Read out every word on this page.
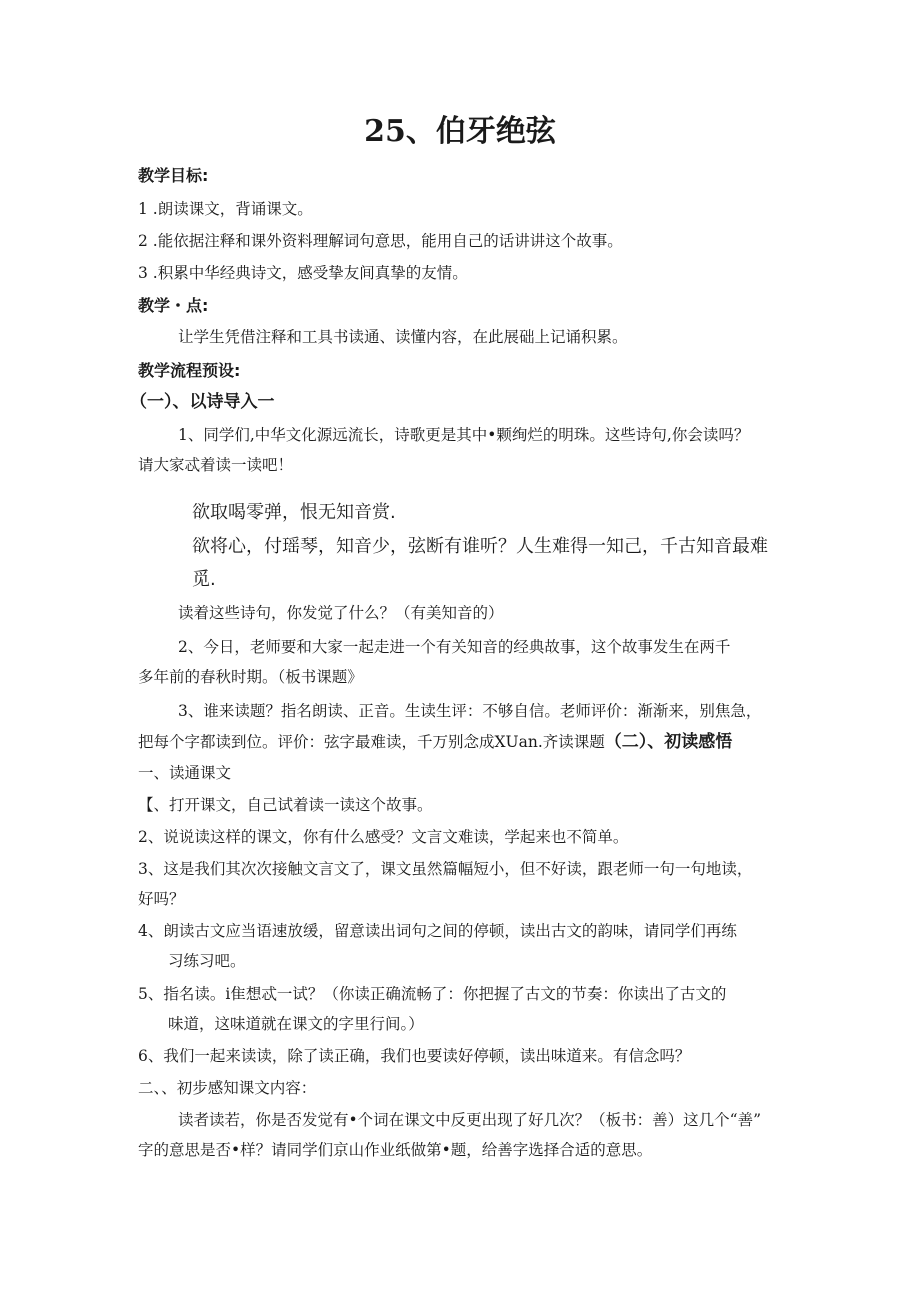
25、伯牙绝弦
教学目标:
1 .朗读课文，背诵课文。
2 .能依据注释和课外资料理解词句意思，能用自己的话讲讲这个故事。
3 .积累中华经典诗文，感受挚友间真挚的友情。
教学・点:
让学生凭借注释和工具书读通、读懂内容，在此展础上记诵积累。
教学流程预设:
（一）、以诗导入一
1、同学们,中华文化源远流长，诗歌更是其中•颗绚烂的明珠。这些诗句,你会读吗？
请大家忒着读一读吧！
欲取喝零弹，恨无知音赏.
欲将心，付瑶琴，知音少，弦断有谁听？人生难得一知己，千古知音最难
觅.
读着这些诗句，你发觉了什么？（有美知音的）
2、今日，老师要和大家一起走进一个有关知音的经典故事，这个故事发生在两千
多年前的春秋时期。（板书课题》
3、谁来读题？指名朗读、正音。生读生评：不够自信。老师评价：渐渐来，别焦急，
把每个字都读到位。评价：弦字最难读，千万别念成XUan.齐读课题（二）、初读感悟
一、读通课文
【、打开课文，自己试着读一读这个故事。
2、说说读这样的课文，你有什么感受？文言文难读，学起来也不简单。
3、这是我们其次次接触文言文了，课文虽然篇幅短小，但不好读，跟老师一句一句地读，
好吗？
4、朗读古文应当语速放缓，留意读出词句之间的停顿，读出古文的韵味，请同学们再练
习练习吧。
5、指名读。i隹想忒一试？（你读正确流畅了：你把握了古文的节奏：你读出了古文的
味道，这味道就在课文的字里行间。）
6、我们一起来读读，除了读正确，我们也要读好停顿，读出味道来。有信念吗？
二、、初步感知课文内容：
读者读若，你是否发觉有•个词在课文中反更出现了好几次？（板书：善）这几个“善”
字的意思是否•样？请同学们京山作业纸做第•题，给善字选择合适的意思。
